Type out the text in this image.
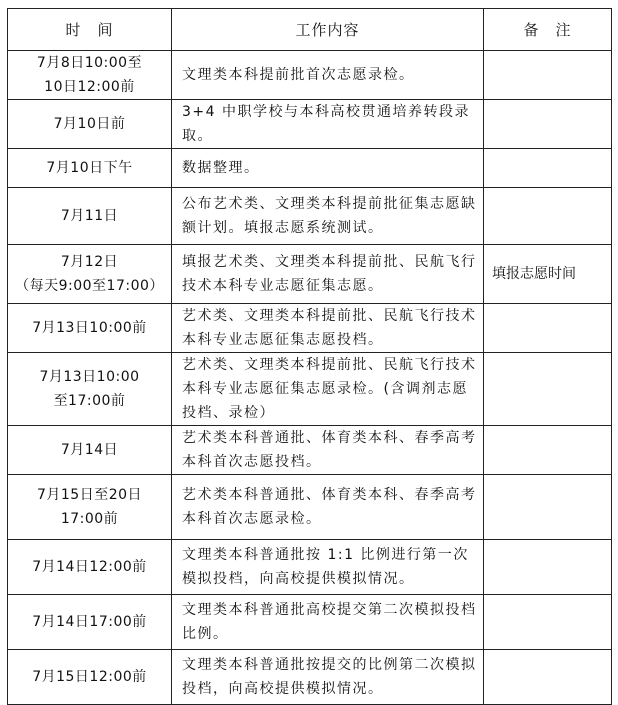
时　间	工作内容	备　注
7月8日10:00至
10日12:00前	文理类本科提前批首次志愿录检。	
7月10日前	3+4 中职学校与本科高校贯通培养转段录取。	
7月10日下午	数据整理。	
7月11日	公布艺术类、文理类本科提前批征集志愿缺额计划。填报志愿系统测试。	
7月12日
（每天9:00至17:00）	填报艺术类、文理类本科提前批、民航飞行技术本科专业志愿征集志愿。	填报志愿时间
7月13日10:00前	艺术类、文理类本科提前批、民航飞行技术本科专业志愿征集志愿投档。	
7月13日10:00
至17:00前	艺术类、文理类本科提前批、民航飞行技术本科专业志愿征集志愿录检。(含调剂志愿投档、录检）	
7月14日	艺术类本科普通批、体育类本科、春季高考本科首次志愿投档。	
7月15日至20日
17:00前	艺术类本科普通批、体育类本科、春季高考本科首次志愿录检。	
7月14日12:00前	文理类本科普通批按 1:1 比例进行第一次模拟投档，向高校提供模拟情况。	
7月14日17:00前	文理类本科普通批高校提交第二次模拟投档比例。	
7月15日12:00前	文理类本科普通批按提交的比例第二次模拟投档，向高校提供模拟情况。	
